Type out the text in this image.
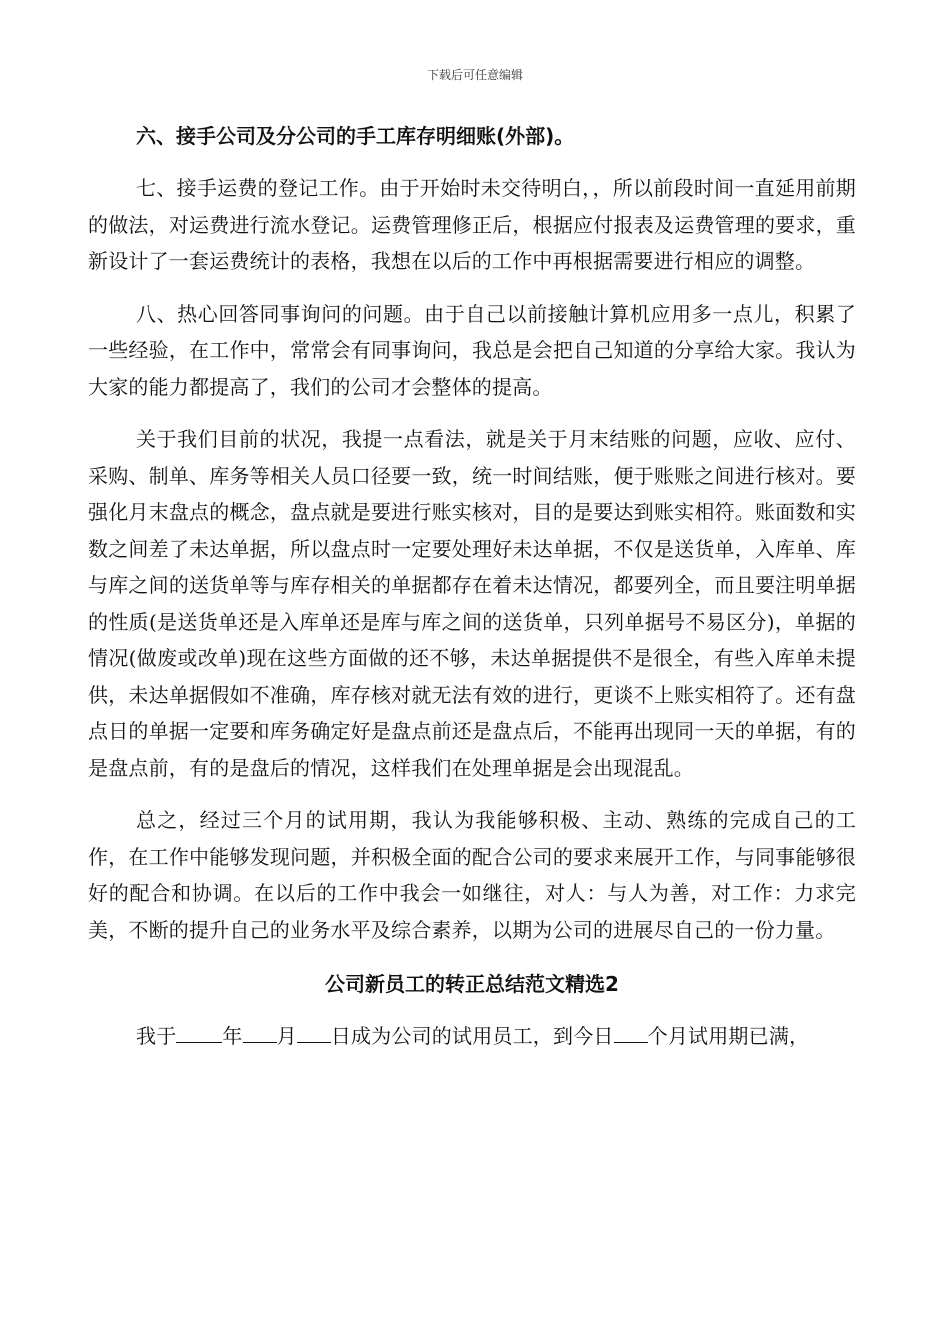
下载后可任意编辑

六、接手公司及分公司的手工库存明细账(外部)。

七、接手运费的登记工作。由于开始时未交待明白，，所以前段时间一直延用前期的做法，对运费进行流水登记。运费管理修正后，根据应付报表及运费管理的要求，重新设计了一套运费统计的表格，我想在以后的工作中再根据需要进行相应的调整。

八、热心回答同事询问的问题。由于自己以前接触计算机应用多一点儿，积累了一些经验，在工作中，常常会有同事询问，我总是会把自己知道的分享给大家。我认为大家的能力都提高了，我们的公司才会整体的提高。

关于我们目前的状况，我提一点看法，就是关于月末结账的问题，应收、应付、采购、制单、库务等相关人员口径要一致，统一时间结账，便于账账之间进行核对。要强化月末盘点的概念，盘点就是要进行账实核对，目的是要达到账实相符。账面数和实数之间差了未达单据，所以盘点时一定要处理好未达单据，不仅是送货单，入库单、库与库之间的送货单等与库存相关的单据都存在着未达情况，都要列全，而且要注明单据的性质(是送货单还是入库单还是库与库之间的送货单，只列单据号不易区分)，单据的情况(做废或改单)现在这些方面做的还不够，未达单据提供不是很全，有些入库单未提供，未达单据假如不准确，库存核对就无法有效的进行，更谈不上账实相符了。还有盘点日的单据一定要和库务确定好是盘点前还是盘点后，不能再出现同一天的单据，有的是盘点前，有的是盘后的情况，这样我们在处理单据是会出现混乱。

总之，经过三个月的试用期，我认为我能够积极、主动、熟练的完成自己的工作，在工作中能够发现问题，并积极全面的配合公司的要求来展开工作，与同事能够很好的配合和协调。在以后的工作中我会一如继往，对人：与人为善，对工作：力求完美，不断的提升自己的业务水平及综合素养，以期为公司的进展尽自己的一份力量。

公司新员工的转正总结范文精选2

我于 年 月 日成为公司的试用员工，到今日 个月试用期已满，
